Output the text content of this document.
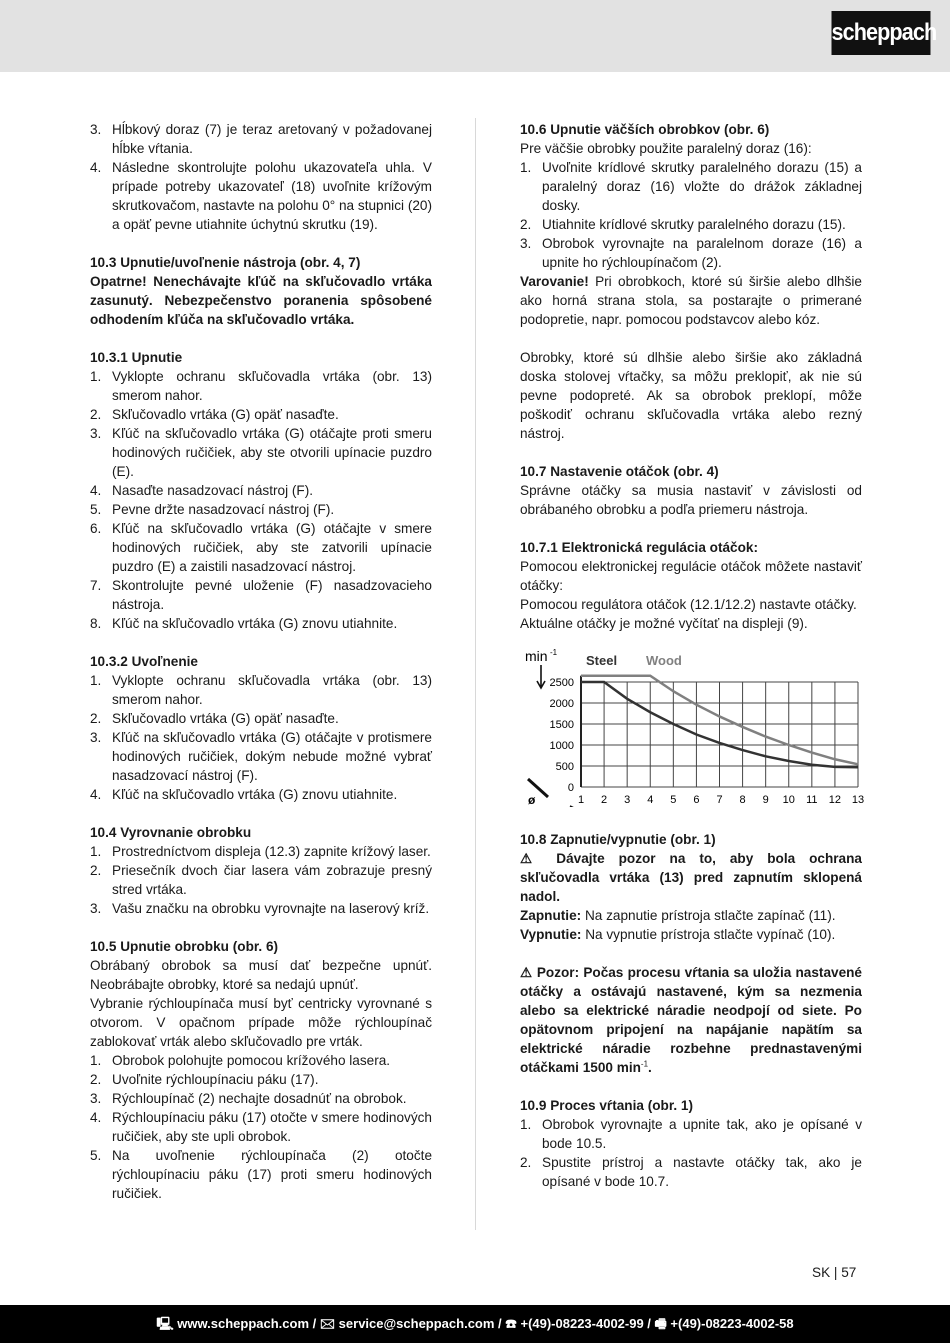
scheppach
3. Hĺbkový doraz (7) je teraz aretovaný v požadovanej hĺbke vŕtania.
4. Následne skontrolujte polohu ukazovateľa uhla. V prípade potreby ukazovateľ (18) uvoľnite krížovým skrutkovačom, nastavte na polohu 0° na stupnici (20) a opäť pevne utiahnite úchytnú skrutku (19).
10.3 Upnutie/uvoľnenie nástroja (obr. 4, 7)
Opatrne! Nenechávajte kľúč na skľučovadlo vrtáka zasunutý. Nebezpečenstvo poranenia spôsobené odhodením kľúča na skľučovadlo vrtáka.
10.3.1 Upnutie
1. Vyklopte ochranu skľučovadla vrtáka (obr. 13) smerom nahor.
2. Skľučovadlo vrtáka (G) opäť nasaďte.
3. Kľúč na skľučovadlo vrtáka (G) otáčajte proti smeru hodinových ručičiek, aby ste otvorili upínacie puzdro (E).
4. Nasaďte nasadzovací nástroj (F).
5. Pevne držte nasadzovací nástroj (F).
6. Kľúč na skľučovadlo vrtáka (G) otáčajte v smere hodinových ručičiek, aby ste zatvorili upínacie puzdro (E) a zaistili nasadzovací nástroj.
7. Skontrolujte pevné uloženie (F) nasadzovacieho nástroja.
8. Kľúč na skľučovadlo vrtáka (G) znovu utiahnite.
10.3.2 Uvoľnenie
1. Vyklopte ochranu skľučovadla vrtáka (obr. 13) smerom nahor.
2. Skľučovadlo vrtáka (G) opäť nasaďte.
3. Kľúč na skľučovadlo vrtáka (G) otáčajte v protismere hodinových ručičiek, dokým nebude možné vybrať nasadzovací nástroj (F).
4. Kľúč na skľučovadlo vrtáka (G) znovu utiahnite.
10.4 Vyrovnanie obrobku
1. Prostredníctvom displeja (12.3) zapnite krížový laser.
2. Priesečník dvoch čiar lasera vám zobrazuje presný stred vrtáka.
3. Vašu značku na obrobku vyrovnajte na laserový kríž.
10.5 Upnutie obrobku (obr. 6)
Obrábaný obrobok sa musí dať bezpečne upnúť. Neobrábajte obrobky, ktoré sa nedajú upnúť.
Vybranie rýchloupínača musí byť centricky vyrovnané s otvorom. V opačnom prípade môže rýchloupínač zablokovať vrták alebo skľučovadlo pre vrták.
1. Obrobok polohujte pomocou krížového lasera.
2. Uvoľnite rýchloupínaciu páku (17).
3. Rýchloupínač (2) nechajte dosadnúť na obrobok.
4. Rýchloupínaciu páku (17) otočte v smere hodinových ručičiek, aby ste upli obrobok.
5. Na uvoľnenie rýchloupínača (2) otočte rýchloupínaciu páku (17) proti smeru hodinových ručičiek.
10.6 Upnutie väčších obrobkov (obr. 6)
Pre väčšie obrobky použite paralelný doraz (16):
1. Uvoľnite krídlové skrutky paralelného dorazu (15) a paralelný doraz (16) vložte do drážok základnej dosky.
2. Utiahnite krídlové skrutky paralelného dorazu (15).
3. Obrobok vyrovnajte na paralelnom doraze (16) a upnite ho rýchloupínačom (2).
Varovanie! Pri obrobkoch, ktoré sú širšie alebo dlhšie ako horná strana stola, sa postarajte o primerané podopretie, napr. pomocou podstavcov alebo kóz.
Obrobky, ktoré sú dlhšie alebo širšie ako základná doska stolovej vŕtačky, sa môžu preklopiť, ak nie sú pevne podopreté. Ak sa obrobok preklopí, môže poškodiť ochranu skľučovadla vrtáka alebo rezný nástroj.
10.7 Nastavenie otáčok (obr. 4)
Správne otáčky sa musia nastaviť v závislosti od obrábaného obrobku a podľa priemeru nástroja.
10.7.1 Elektronická regulácia otáčok:
Pomocou elektronickej regulácie otáčok môžete nastaviť otáčky:
Pomocou regulátora otáčok (12.1/12.2) nastavte otáčky.
Aktuálne otáčky je možné vyčítať na displeji (9).
1 2 3 4 5 6 7 8 9 10 11 12 13
0
500
1000
1500
2000
2500
Steel Wood
min -1
ø
10.8 Zapnutie/vypnutie (obr. 1)
⚠ Dávajte pozor na to, aby bola ochrana skľučovadla vrtáka (13) pred zapnutím sklopená nadol.
Zapnutie: Na zapnutie prístroja stlačte zapínač (11).
Vypnutie: Na vypnutie prístroja stlačte vypínač (10).
⚠ Pozor: Počas procesu vŕtania sa uložia nastavené otáčky a ostávajú nastavené, kým sa nezmenia alebo sa elektrické náradie neodpojí od siete. Po opätovnom pripojení na napájanie napätím sa elektrické náradie rozbehne prednastavenými otáčkami 1500 $\min^{-1}$.
10.9 Proces vŕtania (obr. 1)
1. Obrobok vyrovnajte a upnite tak, ako je opísané v bode 10.5.
2. Spustite prístroj a nastavte otáčky tak, ako je opísané v bode 10.7.
SK | 57
🖳 www.scheppach.com / 🖂 service@scheppach.com / ☎ +(49)-08223-4002-99 / 🖷 +(49)-08223-4002-58
